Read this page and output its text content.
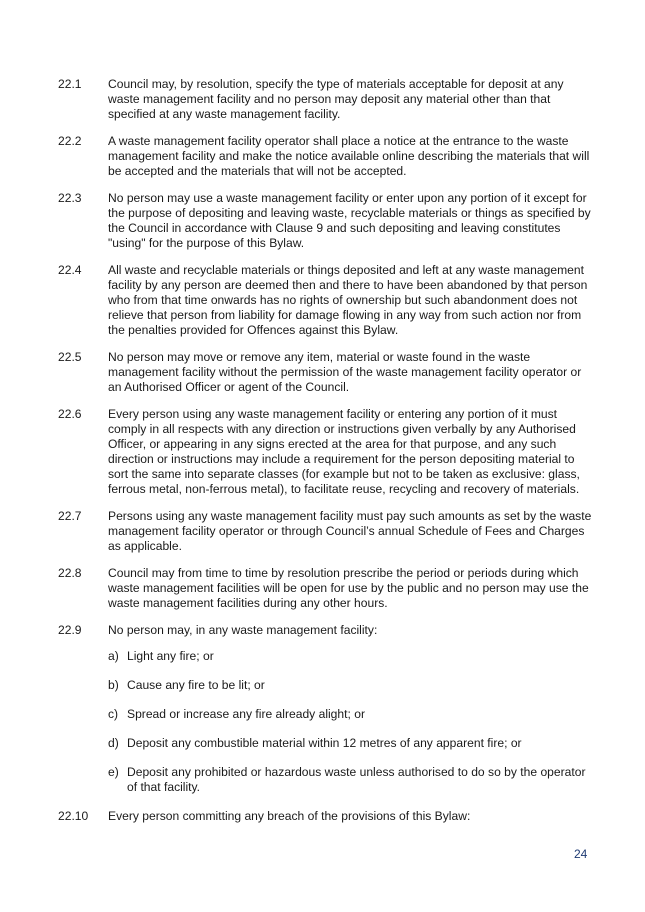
22.1	Council may, by resolution, specify the type of materials acceptable for deposit at any waste management facility and no person may deposit any material other than that specified at any waste management facility.
22.2	A waste management facility operator shall place a notice at the entrance to the waste management facility and make the notice available online describing the materials that will be accepted and the materials that will not be accepted.
22.3	No person may use a waste management facility or enter upon any portion of it except for the purpose of depositing and leaving waste, recyclable materials or things as specified by the Council in accordance with Clause 9 and such depositing and leaving constitutes "using" for the purpose of this Bylaw.
22.4	All waste and recyclable materials or things deposited and left at any waste management facility by any person are deemed then and there to have been abandoned by that person who from that time onwards has no rights of ownership but such abandonment does not relieve that person from liability for damage flowing in any way from such action nor from the penalties provided for Offences against this Bylaw.
22.5	No person may move or remove any item, material or waste found in the waste management facility without the permission of the waste management facility operator or an Authorised Officer or agent of the Council.
22.6	Every person using any waste management facility or entering any portion of it must comply in all respects with any direction or instructions given verbally by any Authorised Officer, or appearing in any signs erected at the area for that purpose, and any such direction or instructions may include a requirement for the person depositing material to sort the same into separate classes (for example but not to be taken as exclusive: glass, ferrous metal, non-ferrous metal), to facilitate reuse, recycling and recovery of materials.
22.7	Persons using any waste management facility must pay such amounts as set by the waste management facility operator or through Council’s annual Schedule of Fees and Charges as applicable.
22.8	Council may from time to time by resolution prescribe the period or periods during which waste management facilities will be open for use by the public and no person may use the waste management facilities during any other hours.
22.9	No person may, in any waste management facility:
a) Light any fire; or
b) Cause any fire to be lit; or
c) Spread or increase any fire already alight; or
d) Deposit any combustible material within 12 metres of any apparent fire; or
e) Deposit any prohibited or hazardous waste unless authorised to do so by the operator of that facility.
22.10	Every person committing any breach of the provisions of this Bylaw:
24
